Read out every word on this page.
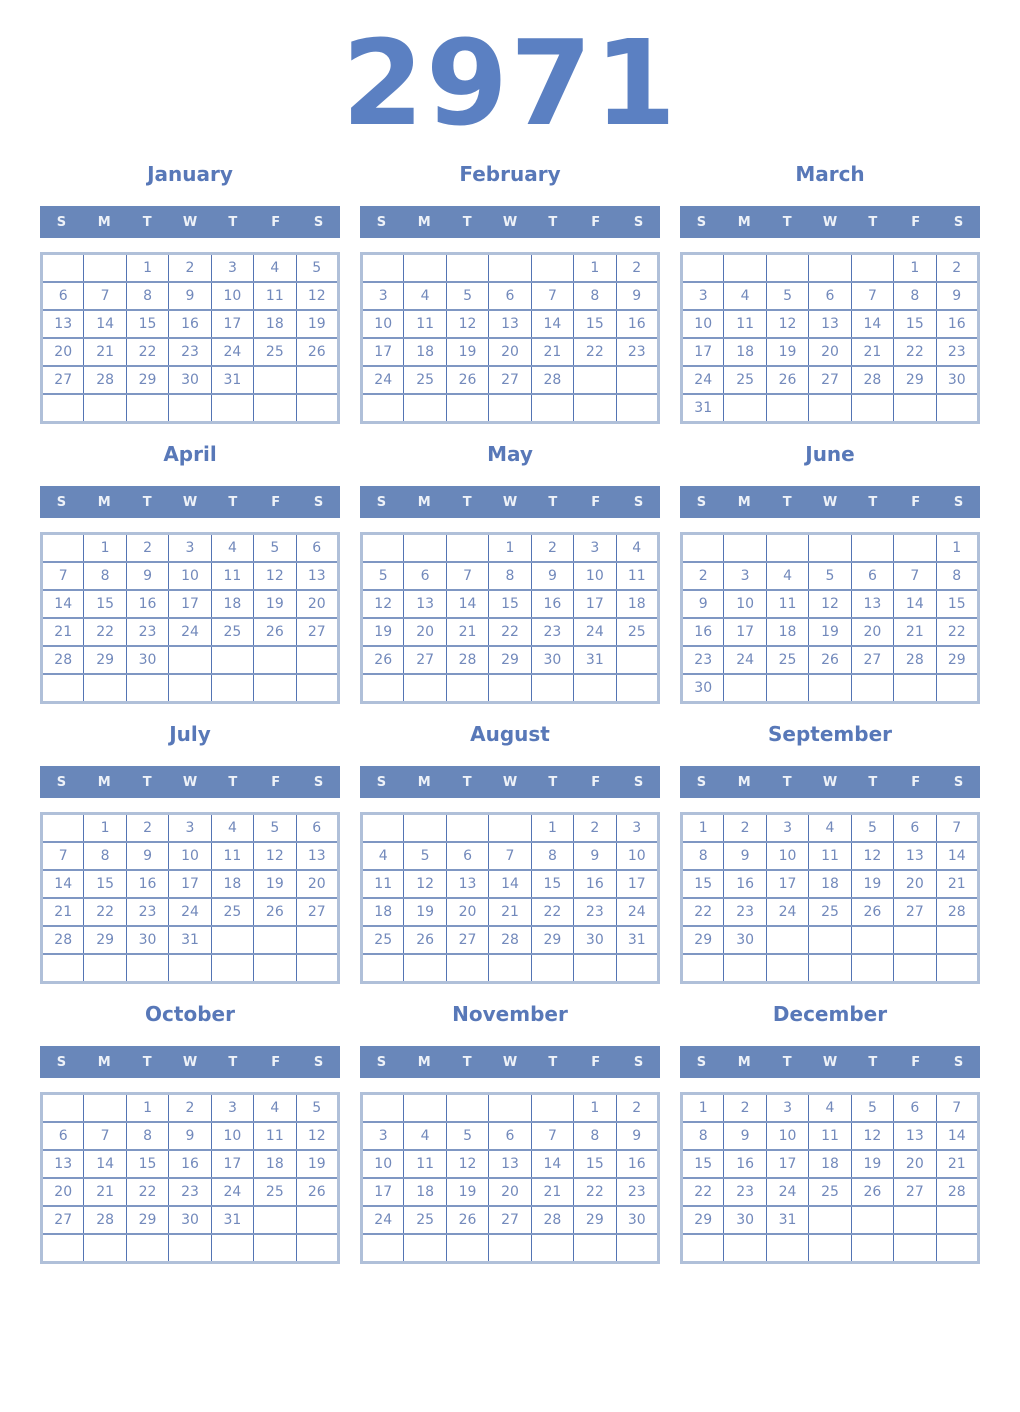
2971
January
S	M	T	W	T	F	S
		1	2	3	4	5
6	7	8	9	10	11	12
13	14	15	16	17	18	19
20	21	22	23	24	25	26
27	28	29	30	31		

February
S	M	T	W	T	F	S
					1	2
3	4	5	6	7	8	9
10	11	12	13	14	15	16
17	18	19	20	21	22	23
24	25	26	27	28		

March
S	M	T	W	T	F	S
					1	2
3	4	5	6	7	8	9
10	11	12	13	14	15	16
17	18	19	20	21	22	23
24	25	26	27	28	29	30
31						
April
S	M	T	W	T	F	S
	1	2	3	4	5	6
7	8	9	10	11	12	13
14	15	16	17	18	19	20
21	22	23	24	25	26	27
28	29	30				

May
S	M	T	W	T	F	S
			1	2	3	4
5	6	7	8	9	10	11
12	13	14	15	16	17	18
19	20	21	22	23	24	25
26	27	28	29	30	31	

June
S	M	T	W	T	F	S
						1
2	3	4	5	6	7	8
9	10	11	12	13	14	15
16	17	18	19	20	21	22
23	24	25	26	27	28	29
30						
July
S	M	T	W	T	F	S
	1	2	3	4	5	6
7	8	9	10	11	12	13
14	15	16	17	18	19	20
21	22	23	24	25	26	27
28	29	30	31			

August
S	M	T	W	T	F	S
				1	2	3
4	5	6	7	8	9	10
11	12	13	14	15	16	17
18	19	20	21	22	23	24
25	26	27	28	29	30	31

September
S	M	T	W	T	F	S
1	2	3	4	5	6	7
8	9	10	11	12	13	14
15	16	17	18	19	20	21
22	23	24	25	26	27	28
29	30					

October
S	M	T	W	T	F	S
		1	2	3	4	5
6	7	8	9	10	11	12
13	14	15	16	17	18	19
20	21	22	23	24	25	26
27	28	29	30	31		

November
S	M	T	W	T	F	S
					1	2
3	4	5	6	7	8	9
10	11	12	13	14	15	16
17	18	19	20	21	22	23
24	25	26	27	28	29	30

December
S	M	T	W	T	F	S
1	2	3	4	5	6	7
8	9	10	11	12	13	14
15	16	17	18	19	20	21
22	23	24	25	26	27	28
29	30	31				
